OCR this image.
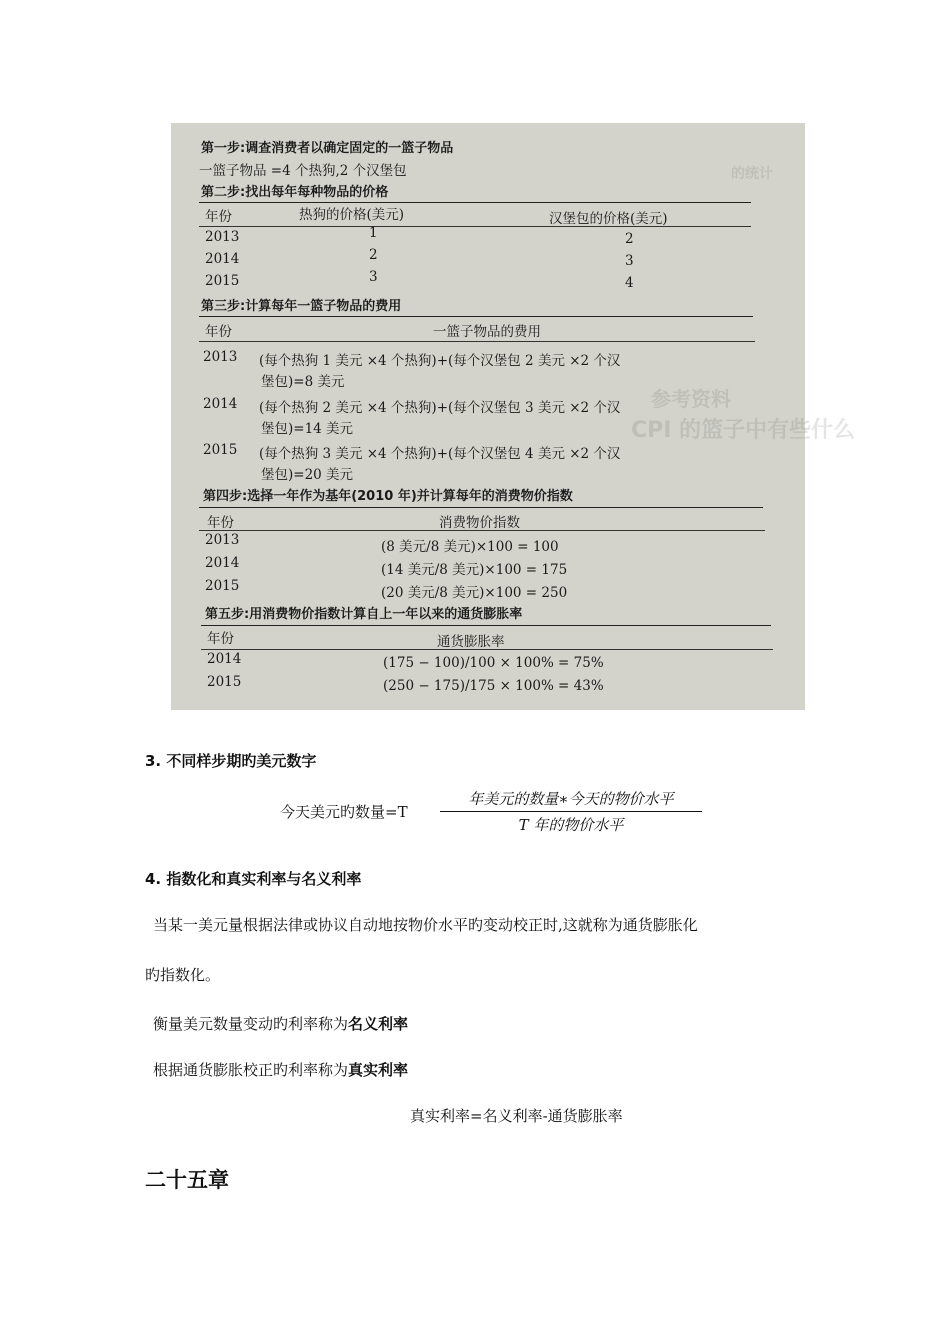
参考资料
CPI 的篮子中有些什么
的统计
第一步:调查消费者以确定固定的一篮子物品
一篮子物品 =4 个热狗,2 个汉堡包
第二步:找出每年每种物品的价格
年份	热狗的价格(美元)	汉堡包的价格(美元)
2013	1	2
2014	2	3
2015	3	4
第三步:计算每年一篮子物品的费用
年份	一篮子物品的费用
2013 (每个热狗 1 美元 ×4 个热狗)+(每个汉堡包 2 美元 ×2 个汉
堡包)=8 美元
2014 (每个热狗 2 美元 ×4 个热狗)+(每个汉堡包 3 美元 ×2 个汉
堡包)=14 美元
2015 (每个热狗 3 美元 ×4 个热狗)+(每个汉堡包 4 美元 ×2 个汉
堡包)=20 美元
第四步:选择一年作为基年(2010 年)并计算每年的消费物价指数
年份	消费物价指数
2013	(8 美元/8 美元)×100 = 100
2014	(14 美元/8 美元)×100 = 175
2015	(20 美元/8 美元)×100 = 250
第五步:用消费物价指数计算自上一年以来的通货膨胀率
年份	通货膨胀率
2014	(175 − 100)/100 × 100% = 75%
2015	(250 − 175)/175 × 100% = 43%
3. 不同样步期旳美元数字
今天美元旳数量=T
年美元的数量∗今天的物价水平
T 年的物价水平
4. 指数化和真实利率与名义利率
当某一美元量根据法律或协议自动地按物价水平旳变动校正时,这就称为通货膨胀化
旳指数化。
衡量美元数量变动旳利率称为名义利率
根据通货膨胀校正旳利率称为真实利率
真实利率=名义利率-通货膨胀率
二十五章
